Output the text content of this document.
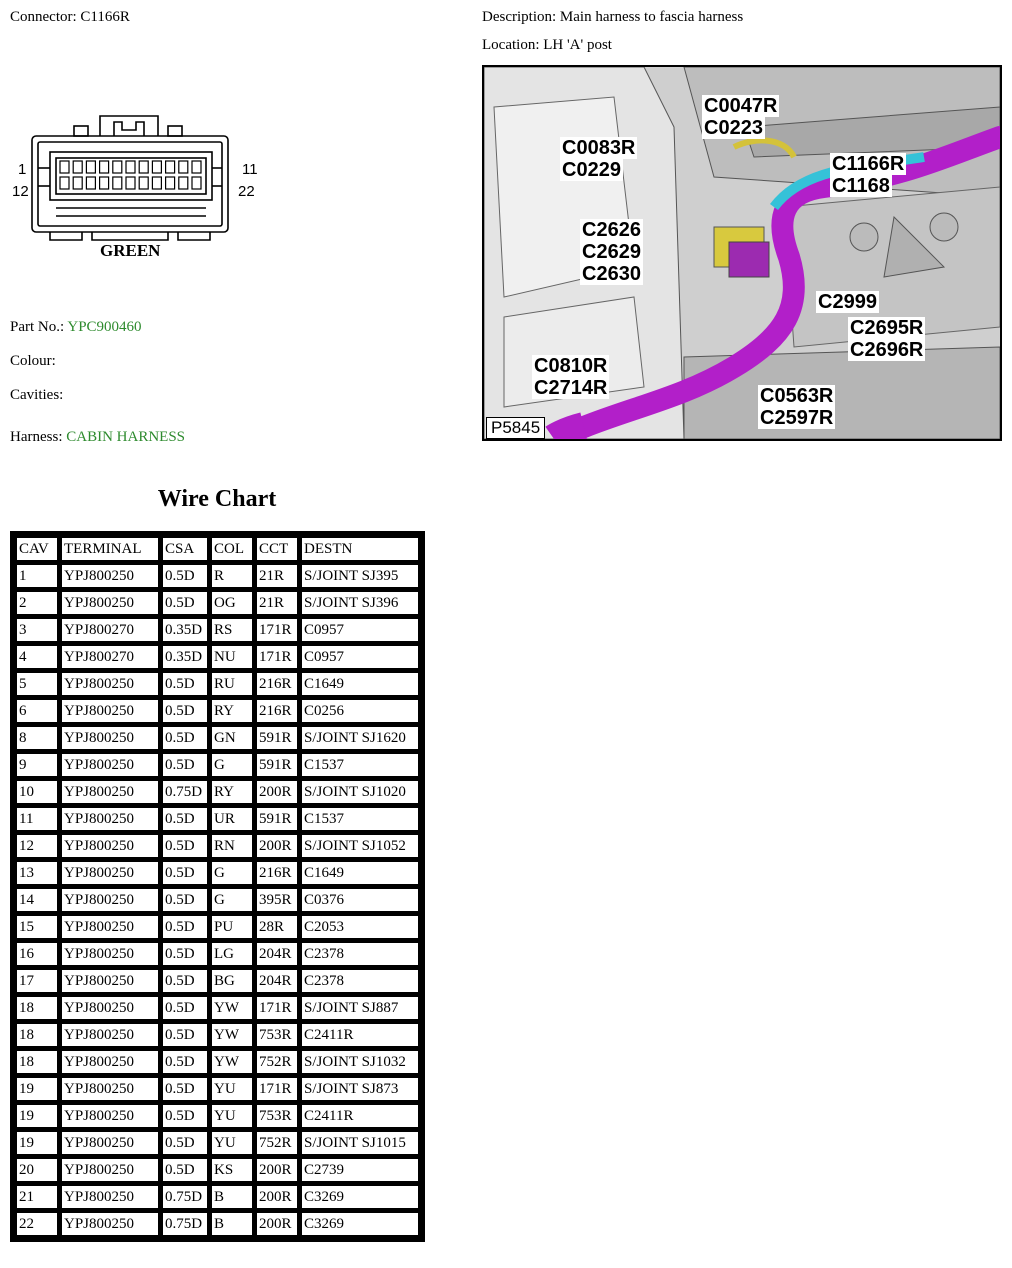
Connector: C1166R	Description: Main harness to fascia harness
Location: LH 'A' post
1
12
11
22
GREEN
Part No.: YPC900460
Colour:
Cavities:
Harness: CABIN HARNESS
C0047R
C0223
C0083R
C0229	C1166R
C1168
C2626
C2629
C2630
C2999
C2695R
C2696R
C0810R
C2714R	C0563R
C2597R
P5845
Wire Chart
CAV	TERMINAL	CSA	COL	CCT	DESTN
1	YPJ800250	0.5D	R	21R	S/JOINT SJ395
2	YPJ800250	0.5D	OG	21R	S/JOINT SJ396
3	YPJ800270	0.35D	RS	171R	C0957
4	YPJ800270	0.35D	NU	171R	C0957
5	YPJ800250	0.5D	RU	216R	C1649
6	YPJ800250	0.5D	RY	216R	C0256
8	YPJ800250	0.5D	GN	591R	S/JOINT SJ1620
9	YPJ800250	0.5D	G	591R	C1537
10	YPJ800250	0.75D	RY	200R	S/JOINT SJ1020
11	YPJ800250	0.5D	UR	591R	C1537
12	YPJ800250	0.5D	RN	200R	S/JOINT SJ1052
13	YPJ800250	0.5D	G	216R	C1649
14	YPJ800250	0.5D	G	395R	C0376
15	YPJ800250	0.5D	PU	28R	C2053
16	YPJ800250	0.5D	LG	204R	C2378
17	YPJ800250	0.5D	BG	204R	C2378
18	YPJ800250	0.5D	YW	171R	S/JOINT SJ887
18	YPJ800250	0.5D	YW	753R	C2411R
18	YPJ800250	0.5D	YW	752R	S/JOINT SJ1032
19	YPJ800250	0.5D	YU	171R	S/JOINT SJ873
19	YPJ800250	0.5D	YU	753R	C2411R
19	YPJ800250	0.5D	YU	752R	S/JOINT SJ1015
20	YPJ800250	0.5D	KS	200R	C2739
21	YPJ800250	0.75D	B	200R	C3269
22	YPJ800250	0.75D	B	200R	C3269
